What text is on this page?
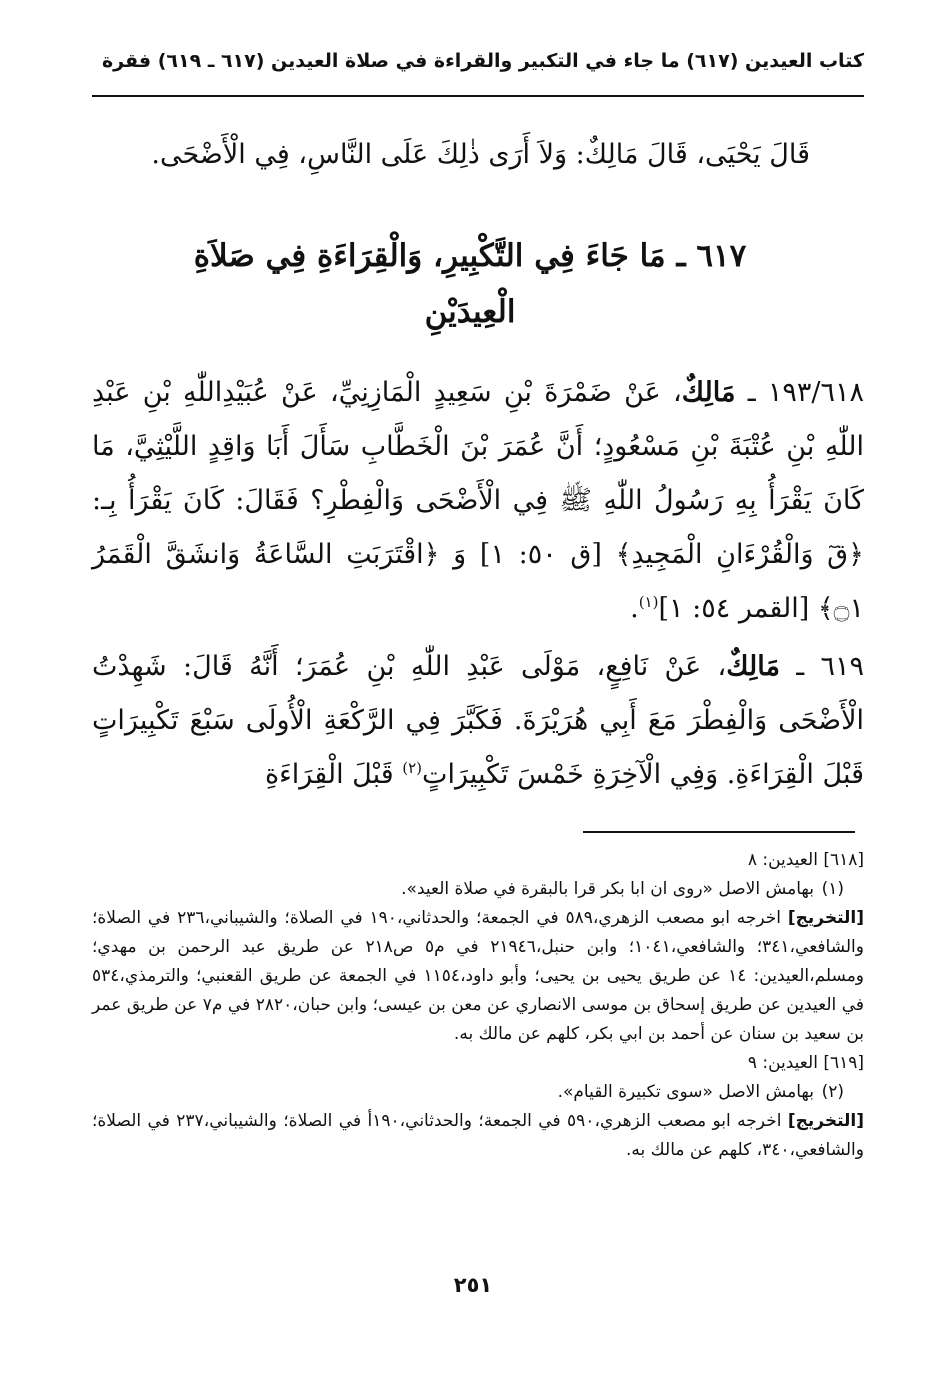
كتاب العيدين (٦١٧) ما جاء في التكبير والقراءة في صلاة العيدين (٦١٧ ـ ٦١٩) فقرة
قَالَ يَحْيَى، قَالَ مَالِكٌ: وَلاَ أَرَى ذٰلِكَ عَلَى النَّاسِ، فِي الْأَضْحَى.
٦١٧ ـ مَا جَاءَ فِي التَّكْبِيرِ، وَالْقِرَاءَةِ فِي صَلاَةِ الْعِيدَيْنِ
١٩٣/٦١٨ ـ مَالِكٌ، عَنْ ضَمْرَةَ بْنِ سَعِيدٍ الْمَازِنِيِّ، عَنْ عُبَيْدِاللّٰهِ بْنِ عَبْدِ اللّٰهِ بْنِ عُتْبَةَ بْنِ مَسْعُودٍ؛ أَنَّ عُمَرَ بْنَ الْخَطَّابِ سَأَلَ أَبَا وَاقِدٍ اللَّيْثِيَّ، مَا كَانَ يَقْرَأُ بِهِ رَسُولُ اللّٰهِ ﷺ فِي الْأَضْحَى وَالْفِطْرِ؟ فَقَالَ: كَانَ يَقْرَأُ بِـ: ﴿قٓ وَالْقُرْءَانِ الْمَجِيدِ﴾ [ق ٥٠: ١] وَ ﴿اقْتَرَبَتِ السَّاعَةُ وَانشَقَّ الْقَمَرُ ۝١﴾ [القمر ٥٤: ١]$^{(١)}$.
٦١٩ ـ مَالِكٌ، عَنْ نَافِعٍ، مَوْلَى عَبْدِ اللّٰهِ بْنِ عُمَرَ؛ أَنَّهُ قَالَ: شَهِدْتُ الْأَضْحَى وَالْفِطْرَ مَعَ أَبِي هُرَيْرَةَ. فَكَبَّرَ فِي الرَّكْعَةِ الْأُولَى سَبْعَ تَكْبِيرَاتٍ قَبْلَ الْقِرَاءَةِ. وَفِي الْآخِرَةِ خَمْسَ تَكْبِيرَاتٍ$^{(٢)}$ قَبْلَ الْقِرَاءَةِ
[٦١٨] العيدين: ٨
(١)
بهامش الاصل «روى ان ابا بكر قرا بالبقرة في صلاة العيد».
[التخريج] اخرجه ابو مصعب الزهري،٥٨٩ في الجمعة؛ والحدثاني،١٩٠ في الصلاة؛ والشيباني،٢٣٦ في الصلاة؛ والشافعي،٣٤١؛ والشافعي،١٠٤١؛ وابن حنبل،٢١٩٤٦ في م٥ ص٢١٨ عن طريق عبد الرحمن بن مهدي؛ ومسلم،العيدين: ١٤ عن طريق يحيى بن يحيى؛ وأبو داود،١١٥٤ في الجمعة عن طريق القعنبي؛ والترمذي،٥٣٤ في العيدين عن طريق إسحاق بن موسى الانصاري عن معن بن عيسى؛ وابن حبان،٢٨٢٠ في م٧ عن طريق عمر بن سعيد بن سنان عن أحمد بن ابي بكر، كلهم عن مالك به.
[٦١٩] العيدين: ٩
(٢)
بهامش الاصل «سوى تكبيرة القيام».
[التخريج] اخرجه ابو مصعب الزهري،٥٩٠ في الجمعة؛ والحدثاني،١٩٠أ في الصلاة؛ والشيباني،٢٣٧ في الصلاة؛ والشافعي،٣٤٠، كلهم عن مالك به.
٢٥١
